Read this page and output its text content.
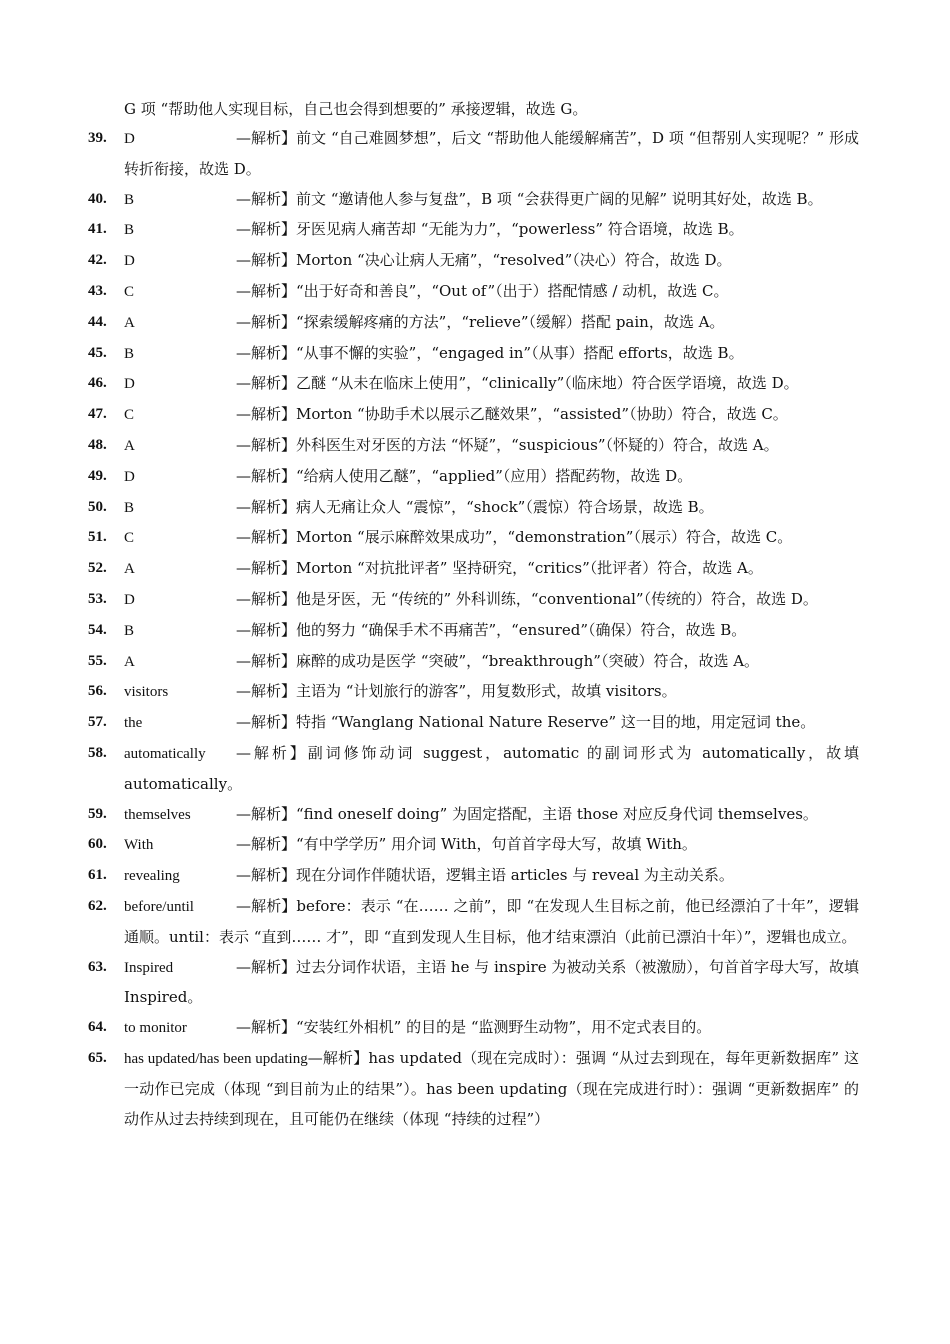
G 项 “帮助他人实现目标，自己也会得到想要的” 承接逻辑，故选 G。
39.	D	—解析】前文 “自己难圆梦想”，后文 “帮助他人能缓解痛苦”，D 项 “但帮别人实现呢？” 形成转折衔接，故选 D。
40.	B	—解析】前文 “邀请他人参与复盘”，B 项 “会获得更广阔的见解” 说明其好处，故选 B。
41.	B	—解析】牙医见病人痛苦却 “无能为力”，“powerless” 符合语境，故选 B。
42.	D	—解析】Morton “决心让病人无痛”，“resolved”（决心）符合，故选 D。
43.	C	—解析】“出于好奇和善良”，“Out of”（出于）搭配情感 / 动机，故选 C。
44.	A	—解析】“探索缓解疼痛的方法”，“relieve”（缓解）搭配 pain，故选 A。
45.	B	—解析】“从事不懈的实验”，“engaged in”（从事）搭配 efforts，故选 B。
46.	D	—解析】乙醚 “从未在临床上使用”，“clinically”（临床地）符合医学语境，故选 D。
47.	C	—解析】Morton “协助手术以展示乙醚效果”，“assisted”（协助）符合，故选 C。
48.	A	—解析】外科医生对牙医的方法 “怀疑”，“suspicious”（怀疑的）符合，故选 A。
49.	D	—解析】“给病人使用乙醚”，“applied”（应用）搭配药物，故选 D。
50.	B	—解析】病人无痛让众人 “震惊”，“shock”（震惊）符合场景，故选 B。
51.	C	—解析】Morton “展示麻醉效果成功”，“demonstration”（展示）符合，故选 C。
52.	A	—解析】Morton “对抗批评者” 坚持研究，“critics”（批评者）符合，故选 A。
53.	D	—解析】他是牙医，无 “传统的” 外科训练，“conventional”（传统的）符合，故选 D。
54.	B	—解析】他的努力 “确保手术不再痛苦”，“ensured”（确保）符合，故选 B。
55.	A	—解析】麻醉的成功是医学 “突破”，“breakthrough”（突破）符合，故选 A。
56.	visitors	—解析】主语为 “计划旅行的游客”，用复数形式，故填 visitors。
57.	the	—解析】特指 “Wanglang National Nature Reserve” 这一目的地，用定冠词 the。
58.	automatically —解析】副词修饰动词 suggest，automatic 的副词形式为 automatically，故填 automatically。
59.	themselves	—解析】“find oneself doing” 为固定搭配，主语 those 对应反身代词 themselves。
60.	With	—解析】“有中学学历” 用介词 With，句首首字母大写，故填 With。
61.	revealing	—解析】现在分词作伴随状语，逻辑主语 articles 与 reveal 为主动关系。
62.	before/until	—解析】before：表示 “在…… 之前”，即 “在发现人生目标之前，他已经漂泊了十年”，逻辑通顺。until：表示 “直到…… 才”，即 “直到发现人生目标，他才结束漂泊（此前已漂泊十年）”，逻辑也成立。
63.	Inspired	—解析】过去分词作状语，主语 he 与 inspire 为被动关系（被激励），句首首字母大写，故填 Inspired。
64.	to monitor	—解析】“安装红外相机” 的目的是 “监测野生动物”，用不定式表目的。
65.	has updated/has been updating—解析】has updated（现在完成时）：强调 “从过去到现在，每年更新数据库” 这一动作已完成（体现 “到目前为止的结果”）。has been updating（现在完成进行时）：强调 “更新数据库” 的动作从过去持续到现在，且可能仍在继续（体现 “持续的过程”）
